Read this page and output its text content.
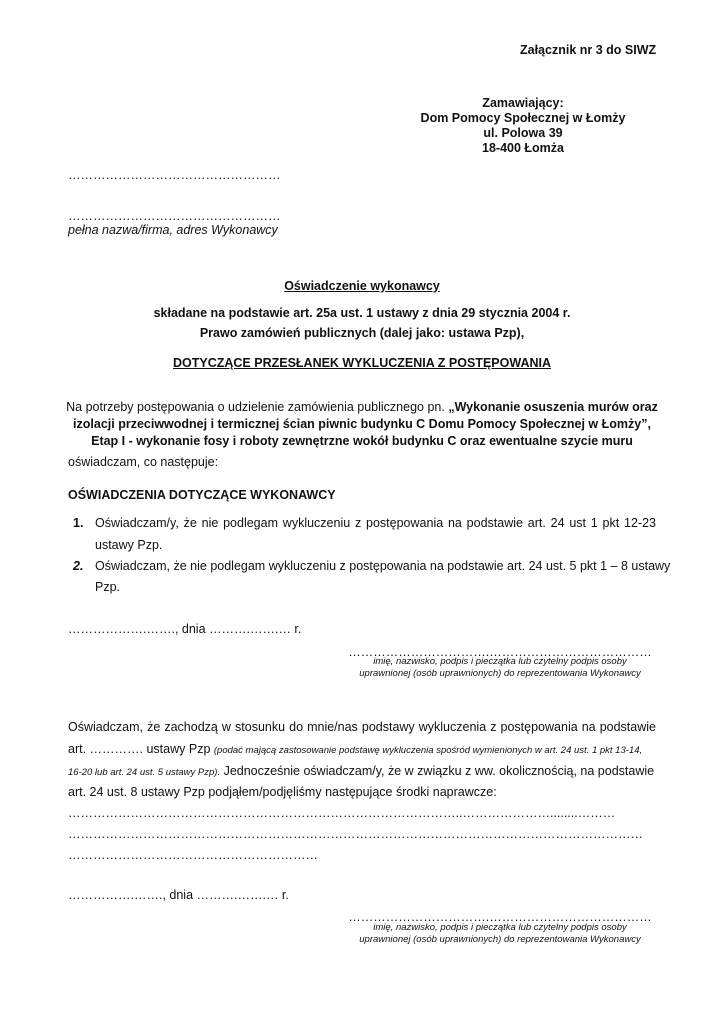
Załącznik nr 3 do SIWZ
Zamawiający:
Dom Pomocy Społecznej w Łomży
ul. Polowa 39
18-400 Łomża
……………………………………………
……………………………………………
pełna nazwa/firma, adres Wykonawcy
Oświadczenie wykonawcy
składane na podstawie art. 25a ust. 1 ustawy z dnia 29 stycznia 2004 r.
Prawo zamówień publicznych (dalej jako: ustawa Pzp),
DOTYCZĄCE PRZESŁANEK WYKLUCZENIA Z POSTĘPOWANIA
Na potrzeby postępowania o udzielenie zamówienia publicznego pn. „Wykonanie osuszenia murów oraz
izolacji przeciwwodnej i termicznej ścian piwnic budynku C Domu Pomocy Społecznej w Łomży”,
Etap I - wykonanie fosy i roboty zewnętrzne wokół budynku C oraz ewentualne szycie muru
oświadczam, co następuje:
OŚWIADCZENIA DOTYCZĄCE WYKONAWCY
1. Oświadczam/y, że nie podlegam wykluczeniu z postępowania na podstawie art. 24 ust 1 pkt 12-23
ustawy Pzp.
2. Oświadczam, że nie podlegam wykluczeniu z postępowania na podstawie art. 24 ust. 5 pkt 1 – 8 ustawy
Pzp.
……………….……., dnia ……….…….… r.
…………………………….…………………………………
imię, nazwisko, podpis i pieczątka lub czytelny podpis osoby
uprawnionej (osób uprawnionych) do reprezentowania Wykonawcy
Oświadczam, że zachodzą w stosunku do mnie/nas podstawy wykluczenia z postępowania na podstawie
art. …………. ustawy Pzp (podać mającą zastosowanie podstawę wykluczenia spośród wymienionych w art. 24 ust. 1 pkt 13-14,
16-20 lub art. 24 ust. 5 ustawy Pzp). Jednocześnie oświadczam/y, że w związku z ww. okolicznością, na podstawie
art. 24 ust. 8 ustawy Pzp podjąłem/podjęliśmy następujące środki naprawcze:
…………………………………………………………………………………..…………………........………
…………………………………………………………………………………………………………………………
……………………………………………………
…………….……., dnia ……….…….… r.
…………………………….…………………………………
imię, nazwisko, podpis i pieczątka lub czytelny podpis osoby
uprawnionej (osób uprawnionych) do reprezentowania Wykonawcy
